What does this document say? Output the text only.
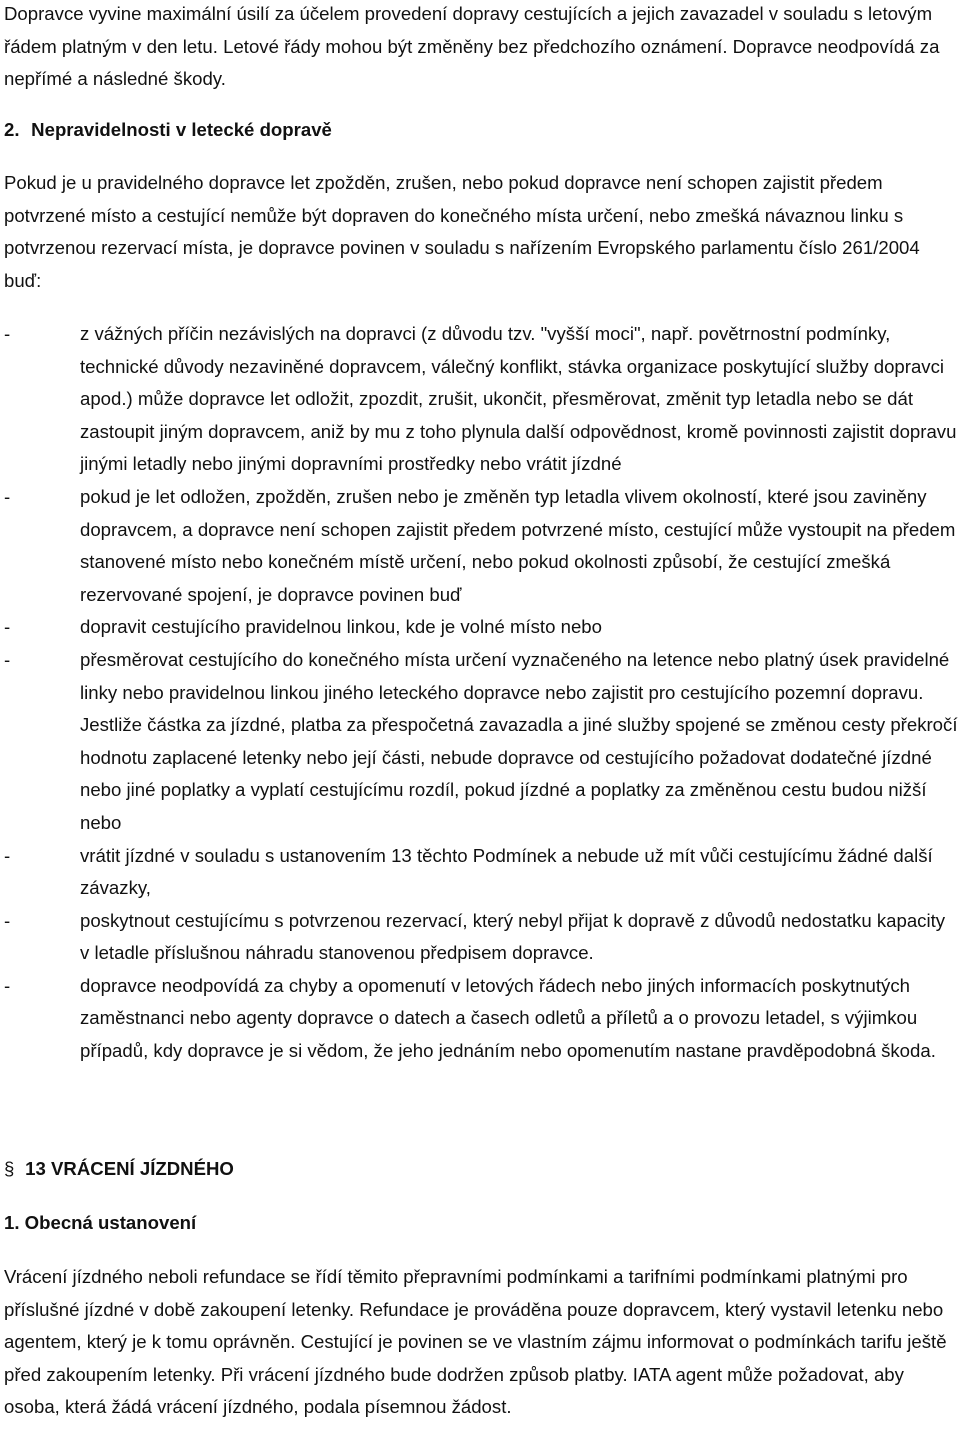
Dopravce vyvine maximální úsilí za účelem provedení dopravy cestujících a jejich zavazadel v souladu s letovým řádem platným v den letu. Letové řády mohou být změněny bez předchozího oznámení. Dopravce neodpovídá za nepřímé a následné škody.

2. Nepravidelnosti v letecké dopravě

Pokud je u pravidelného dopravce let zpožděn, zrušen, nebo pokud dopravce není schopen zajistit předem potvrzené místo a cestující nemůže být dopraven do konečného místa určení, nebo zmešká návaznou linku s potvrzenou rezervací místa, je dopravce povinen v souladu s nařízením Evropského parlamentu číslo 261/2004 buď:

-	z vážných příčin nezávislých na dopravci (z důvodu tzv. "vyšší moci", např. povětrnostní podmínky, technické důvody nezaviněné dopravcem, válečný konflikt, stávka organizace poskytující služby dopravci apod.) může dopravce let odložit, zpozdit, zrušit, ukončit, přesměrovat, změnit typ letadla nebo se dát zastoupit jiným dopravcem, aniž by mu z toho plynula další odpovědnost, kromě povinnosti zajistit dopravu jinými letadly nebo jinými dopravními prostředky nebo vrátit jízdné
-	pokud je let odložen, zpožděn, zrušen nebo je změněn typ letadla vlivem okolností, které jsou zaviněny dopravcem, a dopravce není schopen zajistit předem potvrzené místo, cestující může vystoupit na předem stanovené místo nebo konečném místě určení, nebo pokud okolnosti způsobí, že cestující zmešká rezervované spojení, je dopravce povinen buď
-	dopravit cestujícího pravidelnou linkou, kde je volné místo nebo
-	přesměrovat cestujícího do konečného místa určení vyznačeného na letence nebo platný úsek pravidelné linky nebo pravidelnou linkou jiného leteckého dopravce nebo zajistit pro cestujícího pozemní dopravu. Jestliže částka za jízdné, platba za přespočetná zavazadla a jiné služby spojené se změnou cesty překročí hodnotu zaplacené letenky nebo její části, nebude dopravce od cestujícího požadovat dodatečné jízdné nebo jiné poplatky a vyplatí cestujícímu rozdíl, pokud jízdné a poplatky za změněnou cestu budou nižší nebo
-	vrátit jízdné v souladu s ustanovením 13 těchto Podmínek a nebude už mít vůči cestujícímu žádné další závazky,
-	poskytnout cestujícímu s potvrzenou rezervací, který nebyl přijat k dopravě z důvodů nedostatku kapacity v letadle příslušnou náhradu stanovenou předpisem dopravce.
-	dopravce neodpovídá za chyby a opomenutí v letových řádech nebo jiných informacích poskytnutých zaměstnanci nebo agenty dopravce o datech a časech odletů a příletů a o provozu letadel, s výjimkou případů, kdy dopravce je si vědom, že jeho jednáním nebo opomenutím nastane pravděpodobná škoda.

§ 13 VRÁCENÍ JÍZDNÉHO

1. Obecná ustanovení

Vrácení jízdného neboli refundace se řídí těmito přepravními podmínkami a tarifními podmínkami platnými pro příslušné jízdné v době zakoupení letenky. Refundace je prováděna pouze dopravcem, který vystavil letenku nebo agentem, který je k tomu oprávněn. Cestující je povinen se ve vlastním zájmu informovat o podmínkách tarifu ještě před zakoupením letenky. Při vrácení jízdného bude dodržen způsob platby. IATA agent může požadovat, aby osoba, která žádá vrácení jízdného, podala písemnou žádost.
